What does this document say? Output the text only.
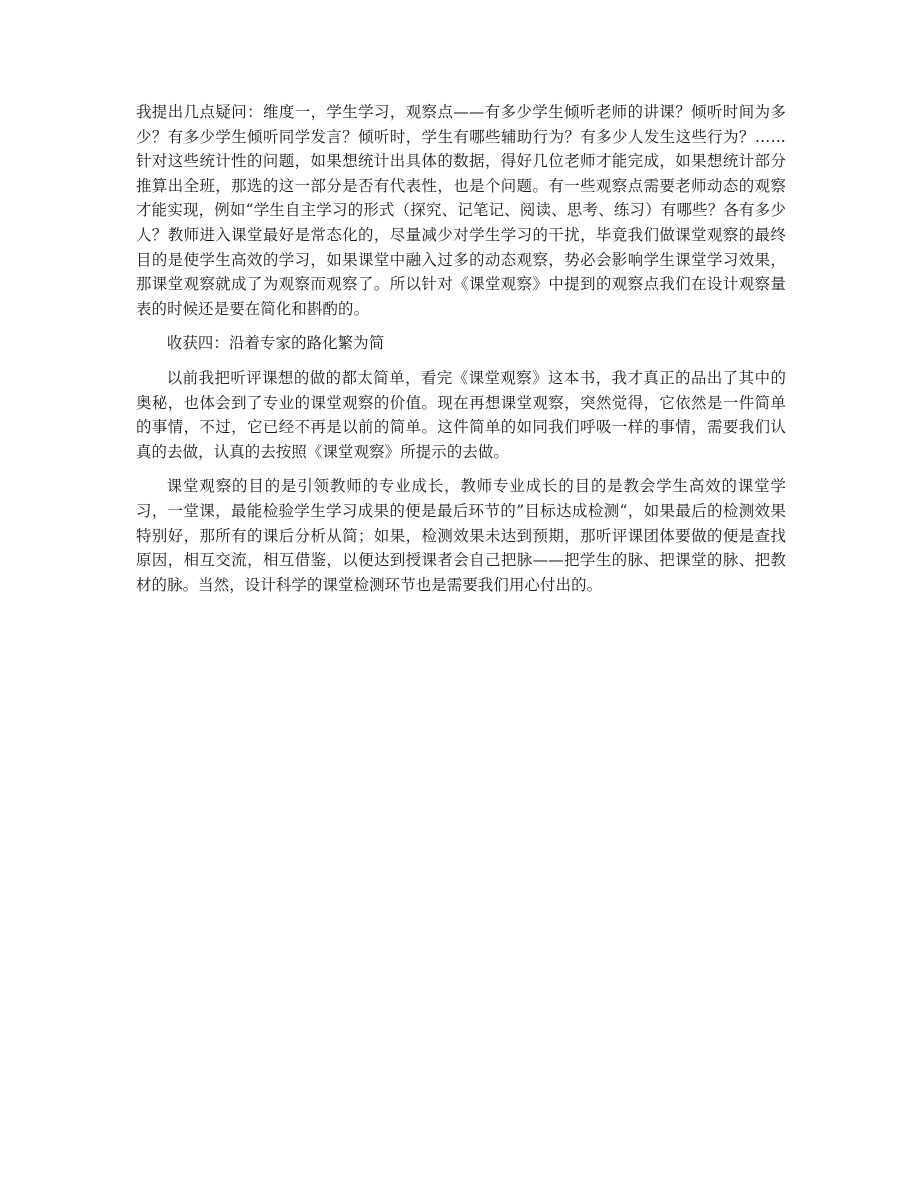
我提出几点疑问：维度一，学生学习，观察点——有多少学生倾听老师的讲课？倾听时间为多少？有多少学生倾听同学发言？倾听时，学生有哪些辅助行为？有多少人发生这些行为？……针对这些统计性的问题，如果想统计出具体的数据，得好几位老师才能完成，如果想统计部分推算出全班，那选的这一部分是否有代表性，也是个问题。有一些观察点需要老师动态的观察才能实现，例如“学生自主学习的形式（探究、记笔记、阅读、思考、练习）有哪些？各有多少人？教师进入课堂最好是常态化的，尽量减少对学生学习的干扰，毕竟我们做课堂观察的最终目的是使学生高效的学习，如果课堂中融入过多的动态观察，势必会影响学生课堂学习效果，那课堂观察就成了为观察而观察了。所以针对《课堂观察》中提到的观察点我们在设计观察量表的时候还是要在简化和斟酌的。

收获四：沿着专家的路化繁为简

以前我把听评课想的做的都太简单，看完《课堂观察》这本书，我才真正的品出了其中的奥秘，也体会到了专业的课堂观察的价值。现在再想课堂观察，突然觉得，它依然是一件简单的事情，不过，它已经不再是以前的简单。这件简单的如同我们呼吸一样的事情，需要我们认真的去做，认真的去按照《课堂观察》所提示的去做。

课堂观察的目的是引领教师的专业成长，教师专业成长的目的是教会学生高效的课堂学习，一堂课，最能检验学生学习成果的便是最后环节的”目标达成检测“，如果最后的检测效果特别好，那所有的课后分析从简；如果，检测效果未达到预期，那听评课团体要做的便是查找原因，相互交流，相互借鉴，以便达到授课者会自己把脉——把学生的脉、把课堂的脉、把教材的脉。当然，设计科学的课堂检测环节也是需要我们用心付出的。
